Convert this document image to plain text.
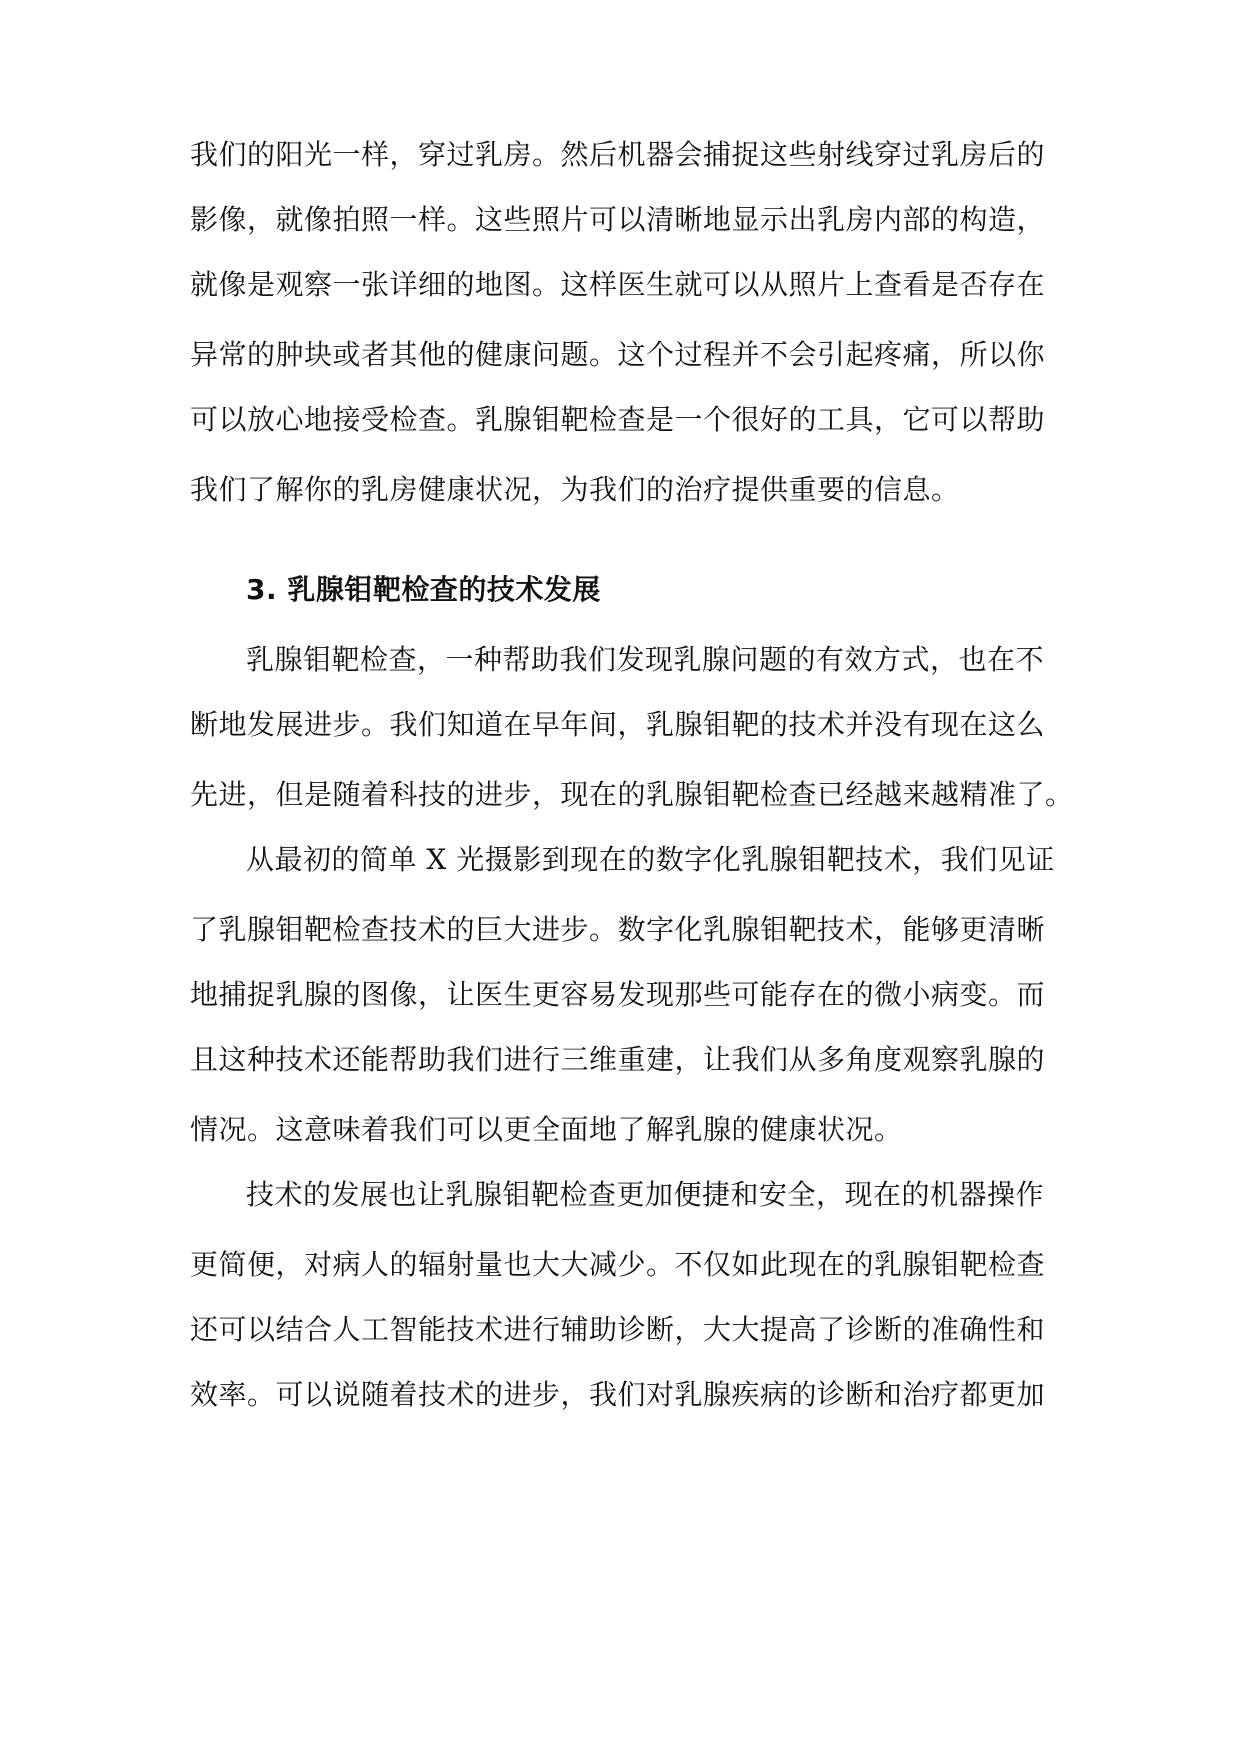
我们的阳光一样，穿过乳房。然后机器会捕捉这些射线穿过乳房后的
影像，就像拍照一样。这些照片可以清晰地显示出乳房内部的构造，
就像是观察一张详细的地图。这样医生就可以从照片上查看是否存在
异常的肿块或者其他的健康问题。这个过程并不会引起疼痛，所以你
可以放心地接受检查。乳腺钼靶检查是一个很好的工具，它可以帮助
我们了解你的乳房健康状况，为我们的治疗提供重要的信息。
3. 乳腺钼靶检查的技术发展
乳腺钼靶检查，一种帮助我们发现乳腺问题的有效方式，也在不
断地发展进步。我们知道在早年间，乳腺钼靶的技术并没有现在这么
先进，但是随着科技的进步，现在的乳腺钼靶检查已经越来越精准了。
从最初的简单 X 光摄影到现在的数字化乳腺钼靶技术，我们见证
了乳腺钼靶检查技术的巨大进步。数字化乳腺钼靶技术，能够更清晰
地捕捉乳腺的图像，让医生更容易发现那些可能存在的微小病变。而
且这种技术还能帮助我们进行三维重建，让我们从多角度观察乳腺的
情况。这意味着我们可以更全面地了解乳腺的健康状况。
技术的发展也让乳腺钼靶检查更加便捷和安全，现在的机器操作
更简便，对病人的辐射量也大大减少。不仅如此现在的乳腺钼靶检查
还可以结合人工智能技术进行辅助诊断，大大提高了诊断的准确性和
效率。可以说随着技术的进步，我们对乳腺疾病的诊断和治疗都更加
